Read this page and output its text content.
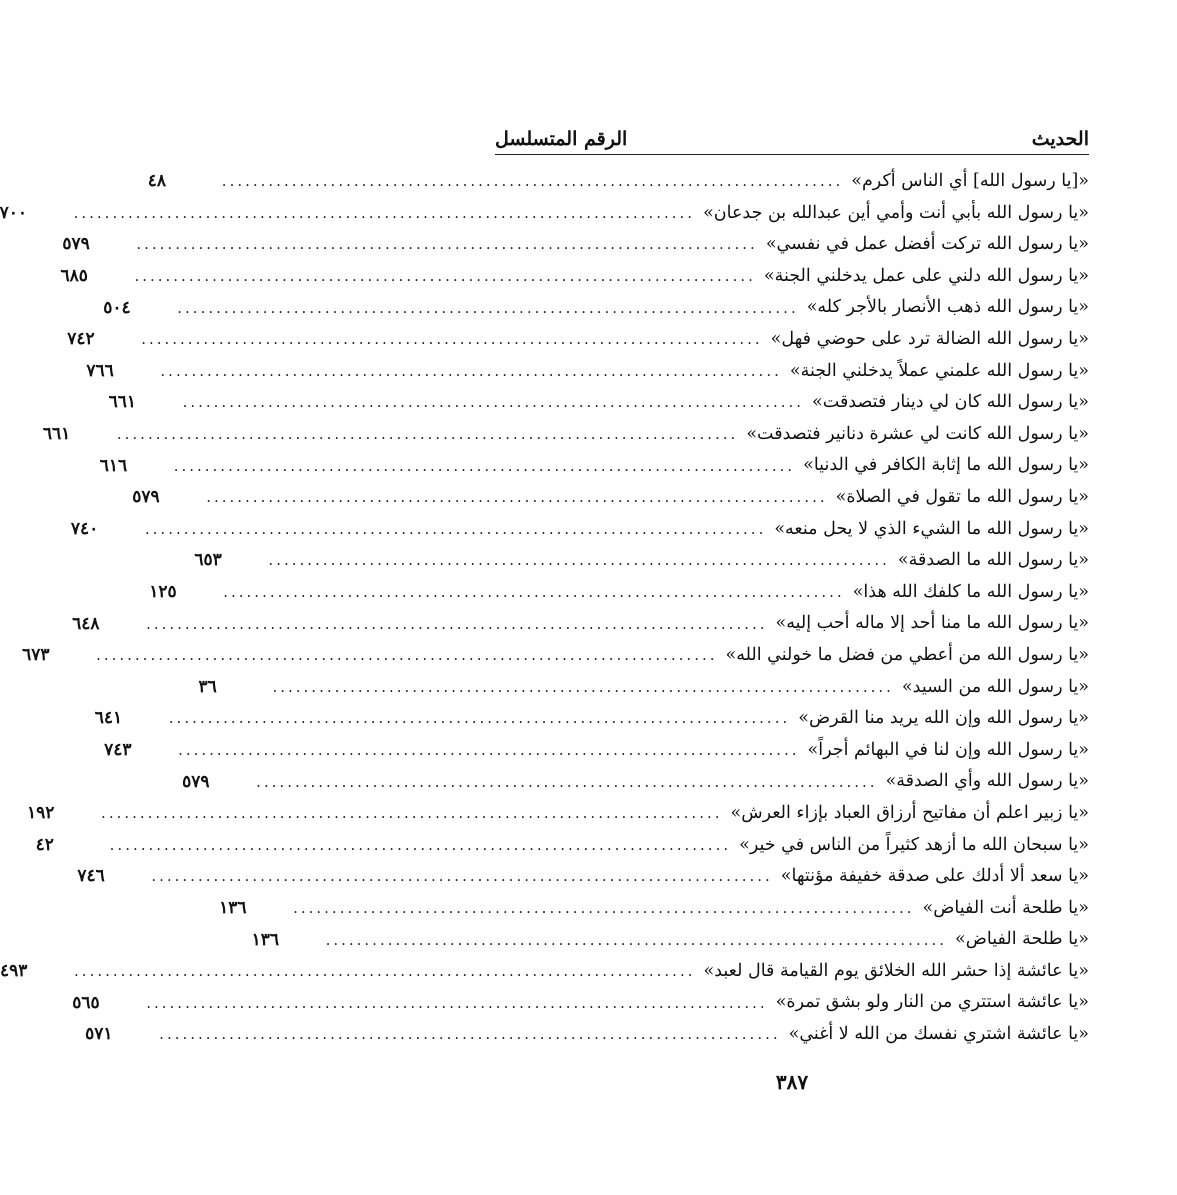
الحديث
الرقم المتسلسل
«[يا رسول الله] أي الناس أكرم»
................................................................................
٤٨
«يا رسول الله بأبي أنت وأمي أين عبدالله بن جدعان»
................................................................................
٧٠٠
«يا رسول الله تركت أفضل عمل في نفسي»
................................................................................
٥٧٩
«يا رسول الله دلني على عمل يدخلني الجنة»
................................................................................
٦٨٥
«يا رسول الله ذهب الأنصار بالأجر كله»
................................................................................
٥٠٤
«يا رسول الله الضالة ترد على حوضي فهل»
................................................................................
٧٤٢
«يا رسول الله علمني عملاً يدخلني الجنة»
................................................................................
٧٦٦
«يا رسول الله كان لي دينار فتصدقت»
................................................................................
٦٦١
«يا رسول الله كانت لي عشرة دنانير فتصدقت»
................................................................................
٦٦١
«يا رسول الله ما إثابة الكافر في الدنيا»
................................................................................
٦١٦
«يا رسول الله ما تقول في الصلاة»
................................................................................
٥٧٩
«يا رسول الله ما الشيء الذي لا يحل منعه»
................................................................................
٧٤٠
«يا رسول الله ما الصدقة»
................................................................................
٦٥٣
«يا رسول الله ما كلفك الله هذا»
................................................................................
١٢٥
«يا رسول الله ما منا أحد إلا ماله أحب إليه»
................................................................................
٦٤٨
«يا رسول الله من أعطي من فضل ما خولني الله»
................................................................................
٦٧٣
«يا رسول الله من السيد»
................................................................................
٣٦
«يا رسول الله وإن الله يريد منا القرض»
................................................................................
٦٤١
«يا رسول الله وإن لنا في البهائم أجراً»
................................................................................
٧٤٣
«يا رسول الله وأي الصدقة»
................................................................................
٥٧٩
«يا زبير اعلم أن مفاتيح أرزاق العباد بإزاء العرش»
................................................................................
١٩٢
«يا سبحان الله ما أزهد كثيراً من الناس في خير»
................................................................................
٤٢
«يا سعد ألا أدلك على صدقة خفيفة مؤنتها»
................................................................................
٧٤٦
«يا طلحة أنت الفياض»
................................................................................
١٣٦
«يا طلحة الفياض»
................................................................................
١٣٦
«يا عائشة إذا حشر الله الخلائق يوم القيامة قال لعبد»
................................................................................
٤٩٣
«يا عائشة استتري من النار ولو بشق تمرة»
................................................................................
٥٦٥
«يا عائشة اشتري نفسك من الله لا أغني»
................................................................................
٥٧١
٣٨٧
